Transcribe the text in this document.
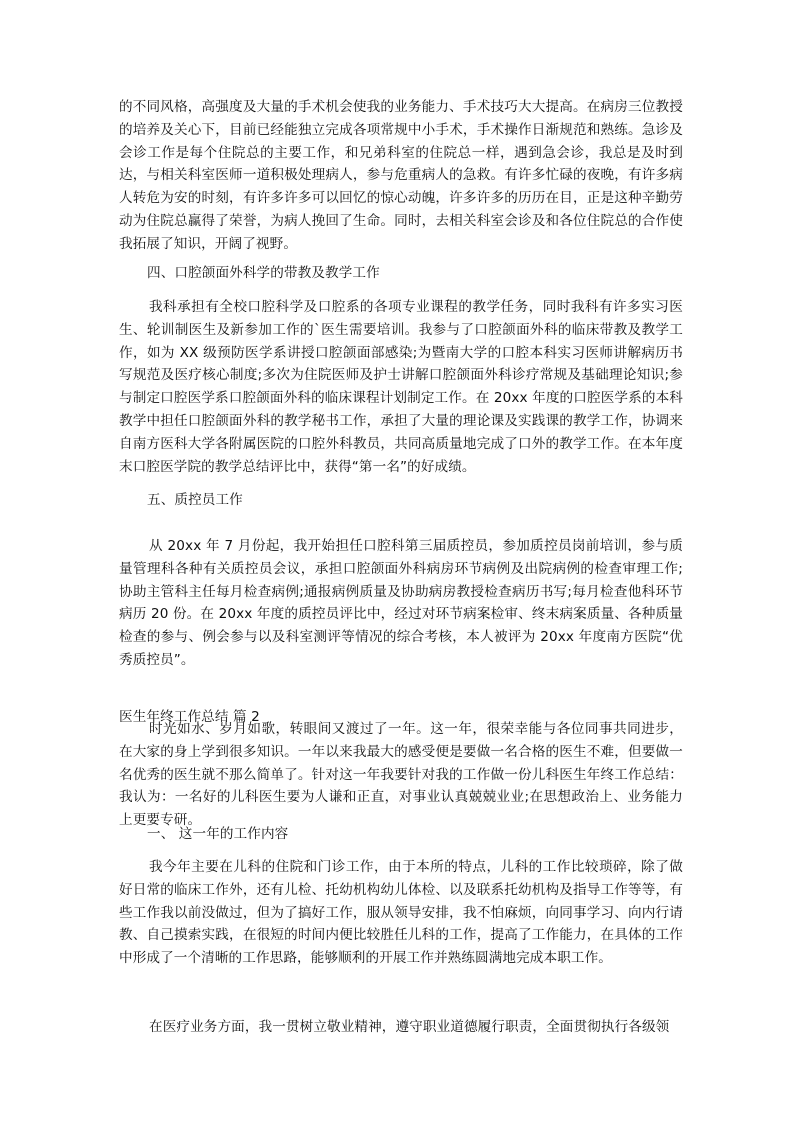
的不同风格，高强度及大量的手术机会使我的业务能力、手术技巧大大提高。在病房三位教授的培养及关心下，目前已经能独立完成各项常规中小手术，手术操作日渐规范和熟练。急诊及会诊工作是每个住院总的主要工作，和兄弟科室的住院总一样，遇到急会诊，我总是及时到达，与相关科室医师一道积极处理病人，参与危重病人的急救。有许多忙碌的夜晚，有许多病人转危为安的时刻，有许多许多可以回忆的惊心动魄，许多许多的历历在目，正是这种辛勤劳动为住院总赢得了荣誉，为病人挽回了生命。同时，去相关科室会诊及和各位住院总的合作使我拓展了知识，开阔了视野。

四、口腔颌面外科学的带教及教学工作

我科承担有全校口腔科学及口腔系的各项专业课程的教学任务，同时我科有许多实习医生、轮训制医生及新参加工作的`医生需要培训。我参与了口腔颌面外科的临床带教及教学工作，如为 XX 级预防医学系讲授口腔颌面部感染;为暨南大学的口腔本科实习医师讲解病历书写规范及医疗核心制度;多次为住院医师及护士讲解口腔颌面外科诊疗常规及基础理论知识;参与制定口腔医学系口腔颌面外科的临床课程计划制定工作。在 20xx 年度的口腔医学系的本科教学中担任口腔颌面外科的教学秘书工作，承担了大量的理论课及实践课的教学工作，协调来自南方医科大学各附属医院的口腔外科教员，共同高质量地完成了口外的教学工作。在本年度末口腔医学院的教学总结评比中，获得“第一名”的好成绩。

五、质控员工作

从 20xx 年 7 月份起，我开始担任口腔科第三届质控员，参加质控员岗前培训，参与质量管理科各种有关质控员会议，承担口腔颌面外科病房环节病例及出院病例的检查审理工作;协助主管科主任每月检查病例;通报病例质量及协助病房教授检查病历书写;每月检查他科环节病历 20 份。在 20xx 年度的质控员评比中，经过对环节病案检审、终末病案质量、各种质量检查的参与、例会参与以及科室测评等情况的综合考核，本人被评为 20xx 年度南方医院“优秀质控员”。

医生年终工作总结 篇 2

时光如水、岁月如歌，转眼间又渡过了一年。这一年，很荣幸能与各位同事共同进步，在大家的身上学到很多知识。一年以来我最大的感受便是要做一名合格的医生不难，但要做一名优秀的医生就不那么简单了。针对这一年我要针对我的工作做一份儿科医生年终工作总结：我认为：一名好的儿科医生要为人谦和正直，对事业认真兢兢业业;在思想政治上、业务能力上更要专研。

一、 这一年的工作内容

我今年主要在儿科的住院和门诊工作，由于本所的特点，儿科的工作比较琐碎，除了做好日常的临床工作外，还有儿检、托幼机构幼儿体检、以及联系托幼机构及指导工作等等，有些工作我以前没做过，但为了搞好工作，服从领导安排，我不怕麻烦，向同事学习、向内行请教、自己摸索实践，在很短的时间内便比较胜任儿科的工作，提高了工作能力，在具体的工作中形成了一个清晰的工作思路，能够顺利的开展工作并熟练圆满地完成本职工作。

在医疗业务方面，我一贯树立敬业精神，遵守职业道德履行职责，全面贯彻执行各级领
